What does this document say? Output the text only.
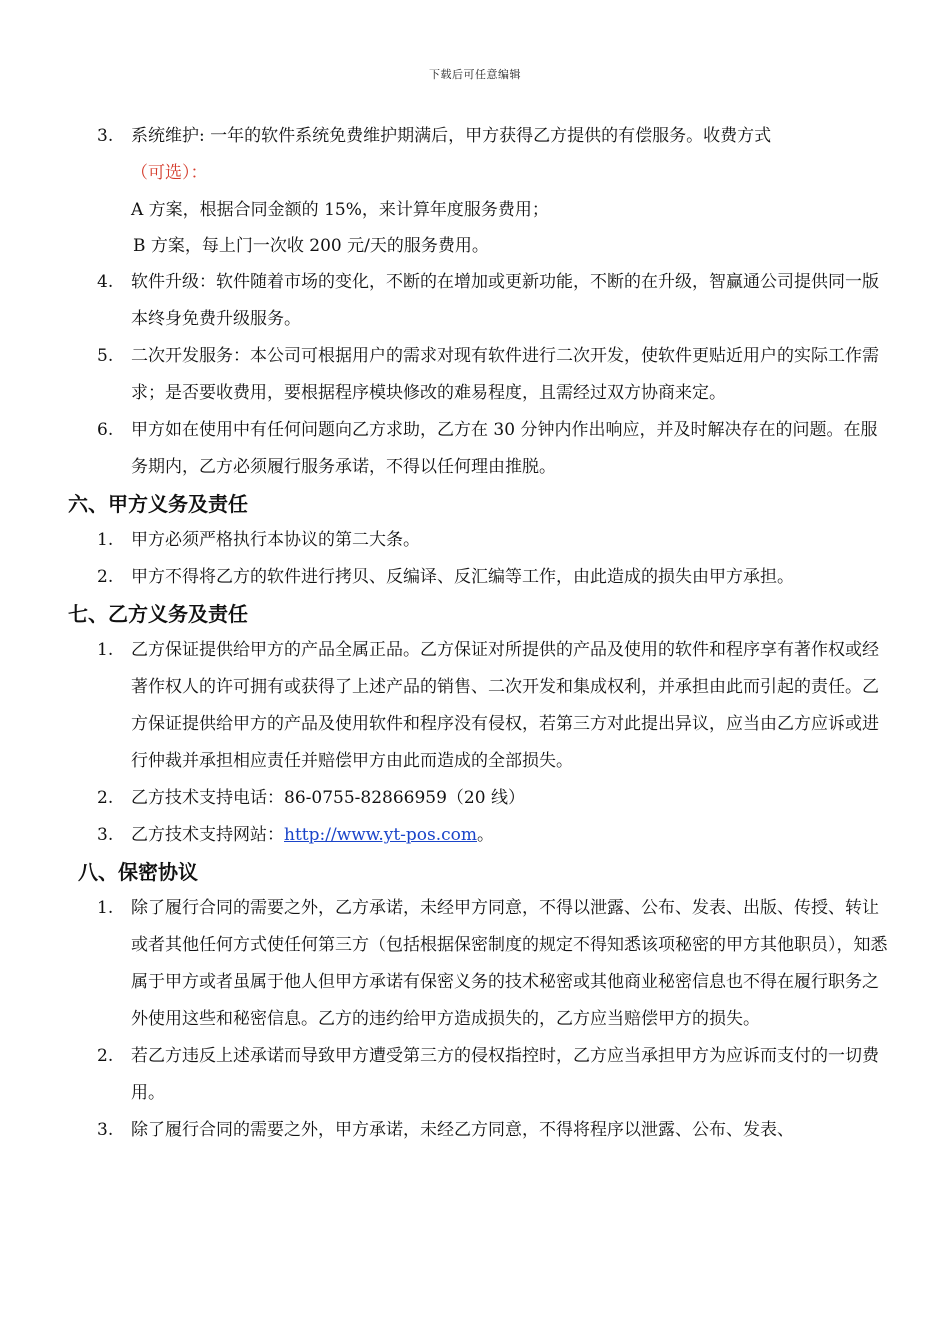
下载后可任意编辑
3. 系统维护: 一年的软件系统免费维护期满后，甲方获得乙方提供的有偿服务。收费方式
（可选）：
A 方案，根据合同金额的 15%，来计算年度服务费用；
B 方案，每上门一次收 200 元/天的服务费用。
4. 软件升级：软件随着市场的变化，不断的在增加或更新功能，不断的在升级，智赢通公司提供同一版本终身免费升级服务。
5. 二次开发服务：本公司可根据用户的需求对现有软件进行二次开发，使软件更贴近用户的实际工作需求；是否要收费用，要根据程序模块修改的难易程度，且需经过双方协商来定。
6. 甲方如在使用中有任何问题向乙方求助，乙方在 30 分钟内作出响应，并及时解决存在的问题。在服务期内，乙方必须履行服务承诺，不得以任何理由推脱。
六、甲方义务及责任
1. 甲方必须严格执行本协议的第二大条。
2. 甲方不得将乙方的软件进行拷贝、反编译、反汇编等工作，由此造成的损失由甲方承担。
七、乙方义务及责任
1. 乙方保证提供给甲方的产品全属正品。乙方保证对所提供的产品及使用的软件和程序享有著作权或经著作权人的许可拥有或获得了上述产品的销售、二次开发和集成权利，并承担由此而引起的责任。乙方保证提供给甲方的产品及使用软件和程序没有侵权，若第三方对此提出异议，应当由乙方应诉或进行仲裁并承担相应责任并赔偿甲方由此而造成的全部损失。
2. 乙方技术支持电话：86-0755-82866959（20 线）
3. 乙方技术支持网站：http://www.yt-pos.com。
八、保密协议
1. 除了履行合同的需要之外，乙方承诺，未经甲方同意，不得以泄露、公布、发表、出版、传授、转让或者其他任何方式使任何第三方（包括根据保密制度的规定不得知悉该项秘密的甲方其他职员），知悉属于甲方或者虽属于他人但甲方承诺有保密义务的技术秘密或其他商业秘密信息也不得在履行职务之外使用这些和秘密信息。乙方的违约给甲方造成损失的，乙方应当赔偿甲方的损失。
2. 若乙方违反上述承诺而导致甲方遭受第三方的侵权指控时，乙方应当承担甲方为应诉而支付的一切费用。
3. 除了履行合同的需要之外，甲方承诺，未经乙方同意，不得将程序以泄露、公布、发表、
